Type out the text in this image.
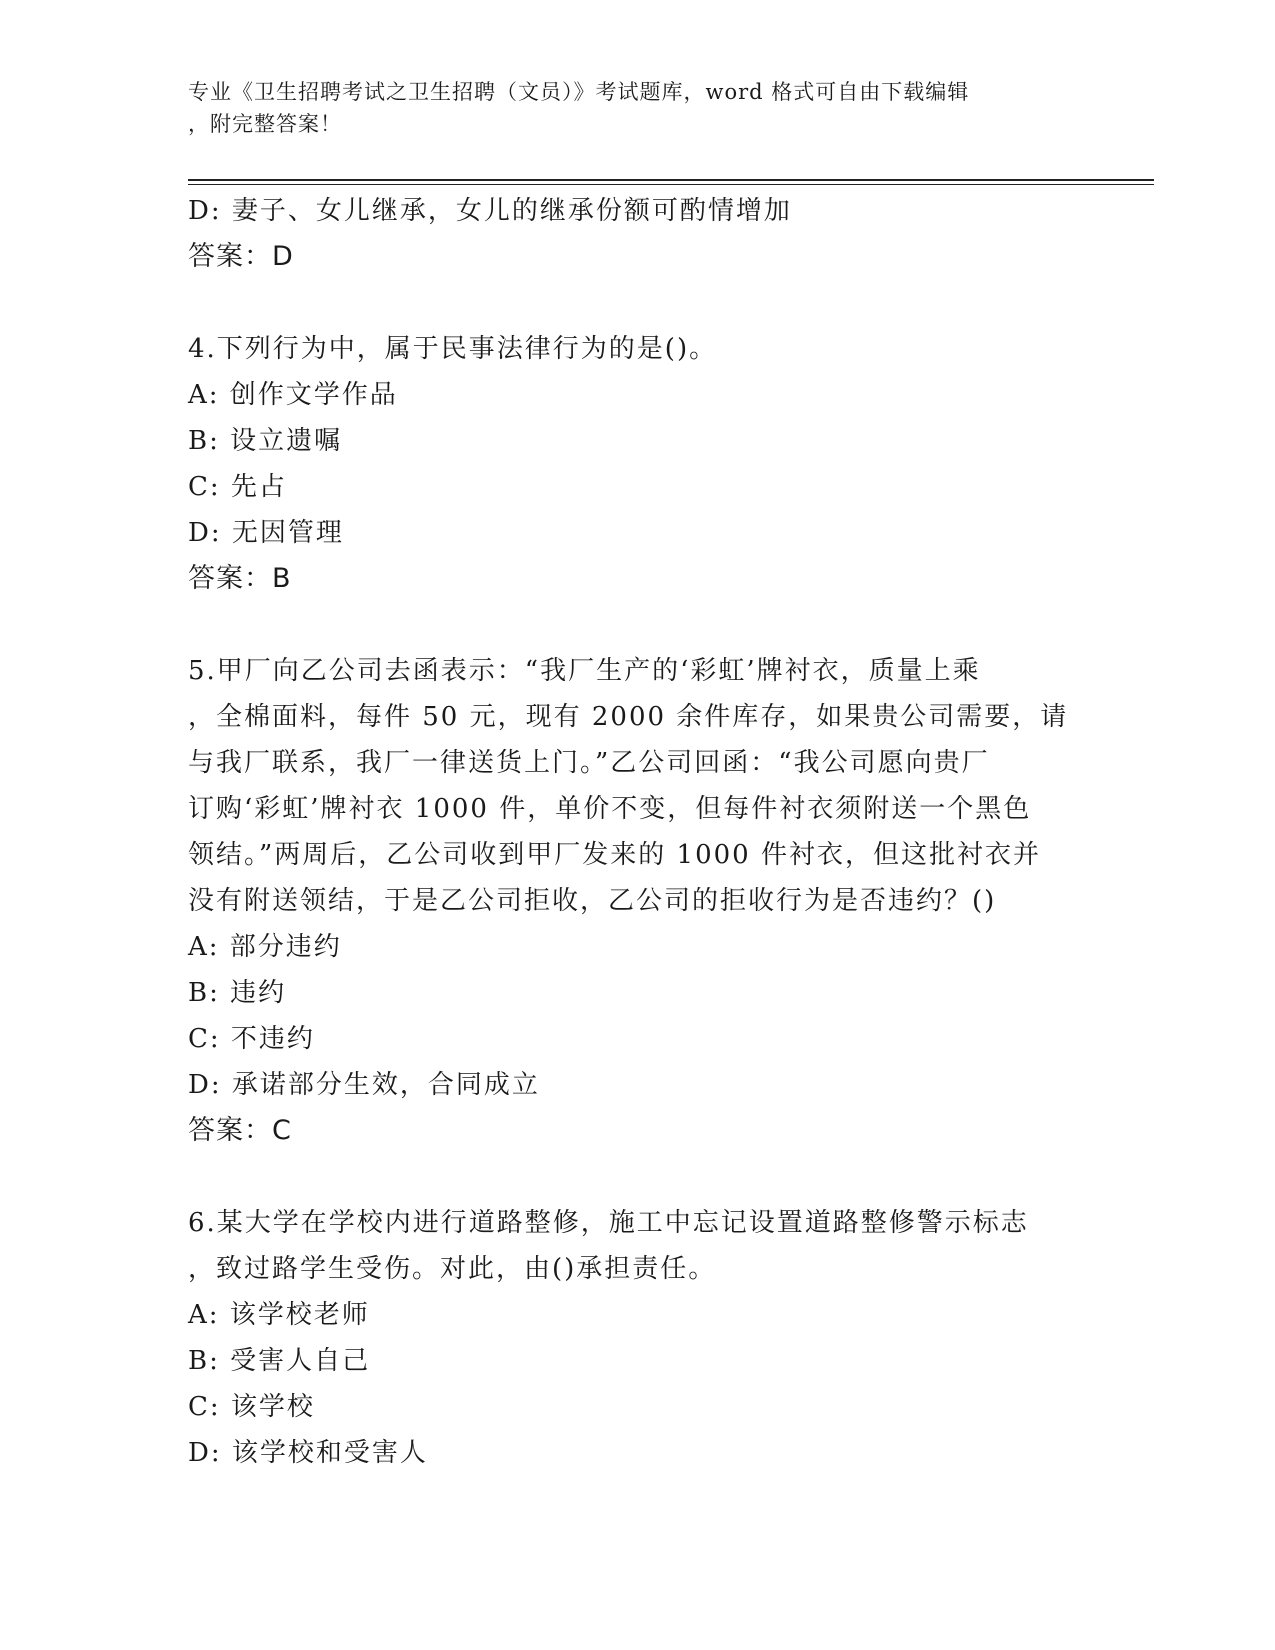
专业《卫生招聘考试之卫生招聘（文员）》考试题库，word 格式可自由下载编辑
，附完整答案！
D: 妻子、女儿继承，女儿的继承份额可酌情增加
答案：D
4.下列行为中，属于民事法律行为的是()。
A: 创作文学作品
B: 设立遗嘱
C: 先占
D: 无因管理
答案：B
5.甲厂向乙公司去函表示：“我厂生产的‘彩虹’牌衬衣，质量上乘
，全棉面料，每件 50 元，现有 2000 余件库存，如果贵公司需要，请
与我厂联系，我厂一律送货上门。”乙公司回函：“我公司愿向贵厂
订购‘彩虹’牌衬衣 1000 件，单价不变，但每件衬衣须附送一个黑色
领结。”两周后，乙公司收到甲厂发来的 1000 件衬衣，但这批衬衣并
没有附送领结，于是乙公司拒收，乙公司的拒收行为是否违约？()
A: 部分违约
B: 违约
C: 不违约
D: 承诺部分生效，合同成立
答案：C
6.某大学在学校内进行道路整修，施工中忘记设置道路整修警示标志
，致过路学生受伤。对此，由()承担责任。
A: 该学校老师
B: 受害人自己
C: 该学校
D: 该学校和受害人
